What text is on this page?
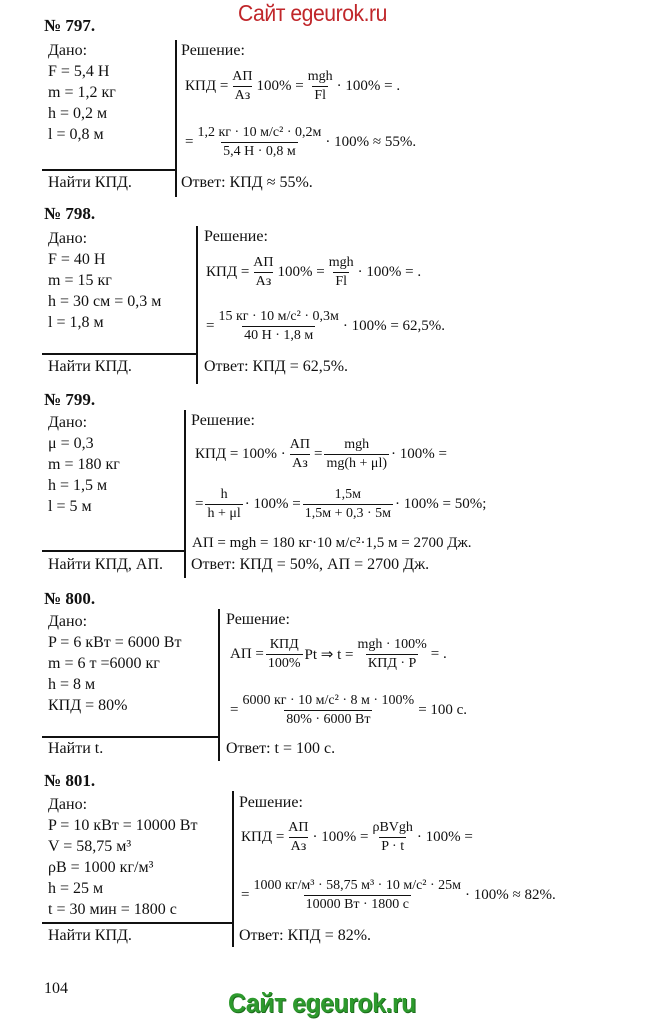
Сайт egeurok.ru
№ 797.
Дано:
F = 5,4 Н
m = 1,2 кг
h = 0,2 м
l = 0,8 м
Найти КПД.
Решение:
КПД = $\frac{AП}{Aз} 100\% = \frac{\text{mgh}}{Fl} \cdot 100\%$ = .
= $\frac{\text{1,2 кг · 10 м/с² · 0,2м}}{5,4 Н \cdot 0,8 м} \cdot 100\% \approx 55\%$.
Ответ: КПД ≈ 55%.
№ 798.
Дано:
F = 40 Н
m = 15 кг
h = 30 см = 0,3 м
l = 1,8 м
Найти КПД.
Решение:
КПД = $\frac{AП}{Aз} 100\% = \frac{\text{mgh}}{Fl} \cdot 100\%$ = .
= $\frac{\text{15 кг · 10 м/с² · 0,3м}}{40 Н \cdot 1,8 м} \cdot 100\% = 62,5\%$.
Ответ: КПД = 62,5%.
№ 799.
Дано:
μ = 0,3
m = 180 кг
h = 1,5 м
l = 5 м
Найти КПД, AП.
Решение:
КПД = $100\% \cdot \frac{AП}{Aз} = \frac{\text{mgh}}{mg(h + \mu l)} \cdot 100\%$ =
= $\frac{h}{h + \mu l} \cdot 100\% = \frac{1,5м}{1,5м + 0,3 \cdot 5м} \cdot 100\% = 50\%$;
AП = mgh = 180 кг·10 м/с²·1,5 м = 2700 Дж.
Ответ: КПД = 50%, AП = 2700 Дж.
№ 800.
Дано:
P = 6 кВт = 6000 Вт
m = 6 т =6000 кг
h = 8 м
КПД = 80%
Найти t.
Решение:
AП = $\frac{\text{КПД}}{100\%}$ Pt ⇒ $t = \frac{\text{mgh · 100\%}}{\text{КПД · P}}$ = .
= $\frac{\text{6000 кг · 10 м/с² · 8 м · 100\%}}{80\% \cdot 6000 Вт} = 100$ с.
Ответ: t = 100 с.
№ 801.
Дано:
P = 10 кВт = 10000 Вт
V = 58,75 м³
ρВ = 1000 кг/м³
h = 25 м
t = 30 мин = 1800 с
Найти КПД.
Решение:
КПД = $\frac{AП}{Aз} \cdot 100\% = \frac{\text{ρВVgh}}{P \cdot t} \cdot 100\%$ =
= $\frac{\text{1000 кг/м³ · 58,75 м³ · 10 м/с² · 25м}}{10000 Вт \cdot 1800 с} \cdot 100\% \approx 82\%$.
Ответ: КПД = 82%.
104	Сайт egeurok.ru
